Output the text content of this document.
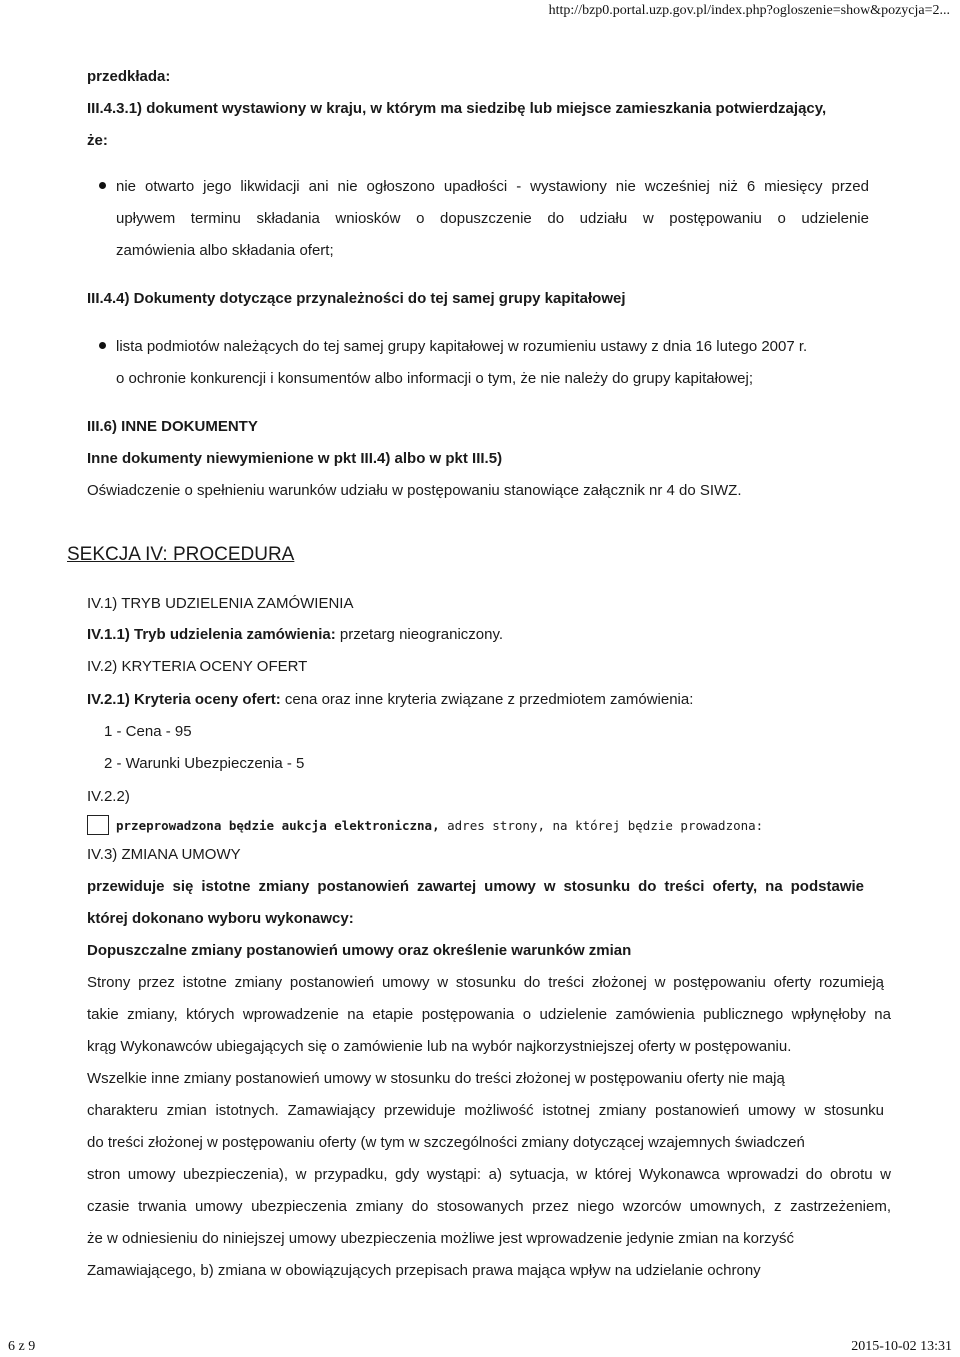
http://bzp0.portal.uzp.gov.pl/index.php?ogloszenie=show&pozycja=2...
przedkłada:
III.4.3.1) dokument wystawiony w kraju, w którym ma siedzibę lub miejsce zamieszkania potwierdzający,
że:
nie otwarto jego likwidacji ani nie ogłoszono upadłości - wystawiony nie wcześniej niż 6 miesięcy przed
upływem terminu składania wniosków o dopuszczenie do udziału w postępowaniu o udzielenie
zamówienia albo składania ofert;
III.4.4) Dokumenty dotyczące przynależności do tej samej grupy kapitałowej
lista podmiotów należących do tej samej grupy kapitałowej w rozumieniu ustawy z dnia 16 lutego 2007 r.
o ochronie konkurencji i konsumentów albo informacji o tym, że nie należy do grupy kapitałowej;
III.6) INNE DOKUMENTY
Inne dokumenty niewymienione w pkt III.4) albo w pkt III.5)
Oświadczenie o spełnieniu warunków udziału w postępowaniu stanowiące załącznik nr 4 do SIWZ.
SEKCJA IV: PROCEDURA
IV.1) TRYB UDZIELENIA ZAMÓWIENIA
IV.1.1) Tryb udzielenia zamówienia: przetarg nieograniczony.
IV.2) KRYTERIA OCENY OFERT
IV.2.1) Kryteria oceny ofert: cena oraz inne kryteria związane z przedmiotem zamówienia:
1 - Cena - 95
2 - Warunki Ubezpieczenia - 5
IV.2.2)
przeprowadzona będzie aukcja elektroniczna, adres strony, na której będzie prowadzona:
IV.3) ZMIANA UMOWY
przewiduje się istotne zmiany postanowień zawartej umowy w stosunku do treści oferty, na podstawie
której dokonano wyboru wykonawcy:
Dopuszczalne zmiany postanowień umowy oraz określenie warunków zmian
Strony przez istotne zmiany postanowień umowy w stosunku do treści złożonej w postępowaniu oferty rozumieją
takie zmiany, których wprowadzenie na etapie postępowania o udzielenie zamówienia publicznego wpłynęłoby na
krąg Wykonawców ubiegających się o zamówienie lub na wybór najkorzystniejszej oferty w postępowaniu.
Wszelkie inne zmiany postanowień umowy w stosunku do treści złożonej w postępowaniu oferty nie mają
charakteru zmian istotnych. Zamawiający przewiduje możliwość istotnej zmiany postanowień umowy w stosunku
do treści złożonej w postępowaniu oferty (w tym w szczególności zmiany dotyczącej wzajemnych świadczeń
stron umowy ubezpieczenia), w przypadku, gdy wystąpi: a) sytuacja, w której Wykonawca wprowadzi do obrotu w
czasie trwania umowy ubezpieczenia zmiany do stosowanych przez niego wzorców umownych, z zastrzeżeniem,
że w odniesieniu do niniejszej umowy ubezpieczenia możliwe jest wprowadzenie jedynie zmian na korzyść
Zamawiającego, b) zmiana w obowiązujących przepisach prawa mająca wpływ na udzielanie ochrony
6 z 9	2015-10-02 13:31
